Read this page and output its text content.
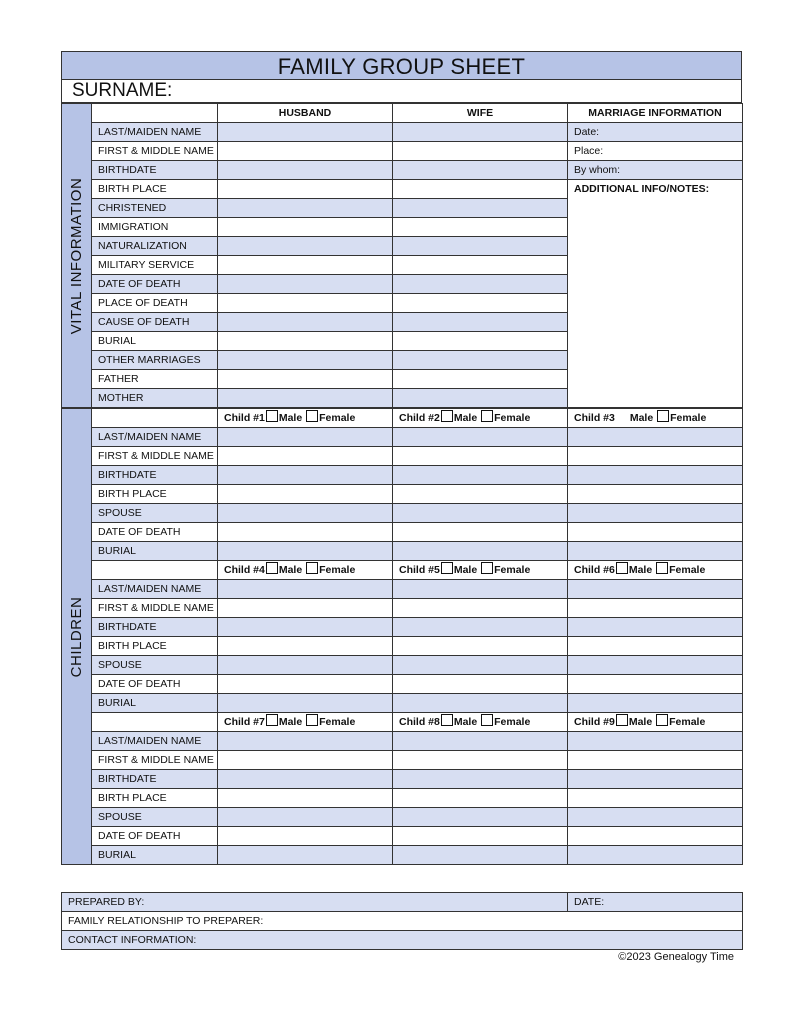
FAMILY GROUP SHEET
SURNAME:
VITAL INFORMATION		HUSBAND	WIFE	MARRIAGE INFORMATION
	LAST/MAIDEN NAME			Date:
	FIRST & MIDDLE NAME			Place:
	BIRTHDATE			By whom:
	BIRTH PLACE			ADDITIONAL INFO/NOTES:
	CHRISTENED			
	IMMIGRATION			
	NATURALIZATION			
	MILITARY SERVICE			
	DATE OF DEATH			
	PLACE OF DEATH			
	CAUSE OF DEATH			
	BURIAL			
	OTHER MARRIAGES			
	FATHER			
	MOTHER			
CHILDREN		Child #1 Male Female	Child #2 Male Female	Child #3 Male Female
	LAST/MAIDEN NAME			
	FIRST & MIDDLE NAME			
	BIRTHDATE			
	BIRTH PLACE			
	SPOUSE			
	DATE OF DEATH			
	BURIAL			
		Child #4 Male Female	Child #5 Male Female	Child #6 Male Female
	LAST/MAIDEN NAME			
	FIRST & MIDDLE NAME			
	BIRTHDATE			
	BIRTH PLACE			
	SPOUSE			
	DATE OF DEATH			
	BURIAL			
		Child #7 Male Female	Child #8 Male Female	Child #9 Male Female
	LAST/MAIDEN NAME			
	FIRST & MIDDLE NAME			
	BIRTHDATE			
	BIRTH PLACE			
	SPOUSE			
	DATE OF DEATH			
	BURIAL			
PREPARED BY:	DATE:
FAMILY RELATIONSHIP TO PREPARER:
CONTACT INFORMATION:
©2023 Genealogy Time
